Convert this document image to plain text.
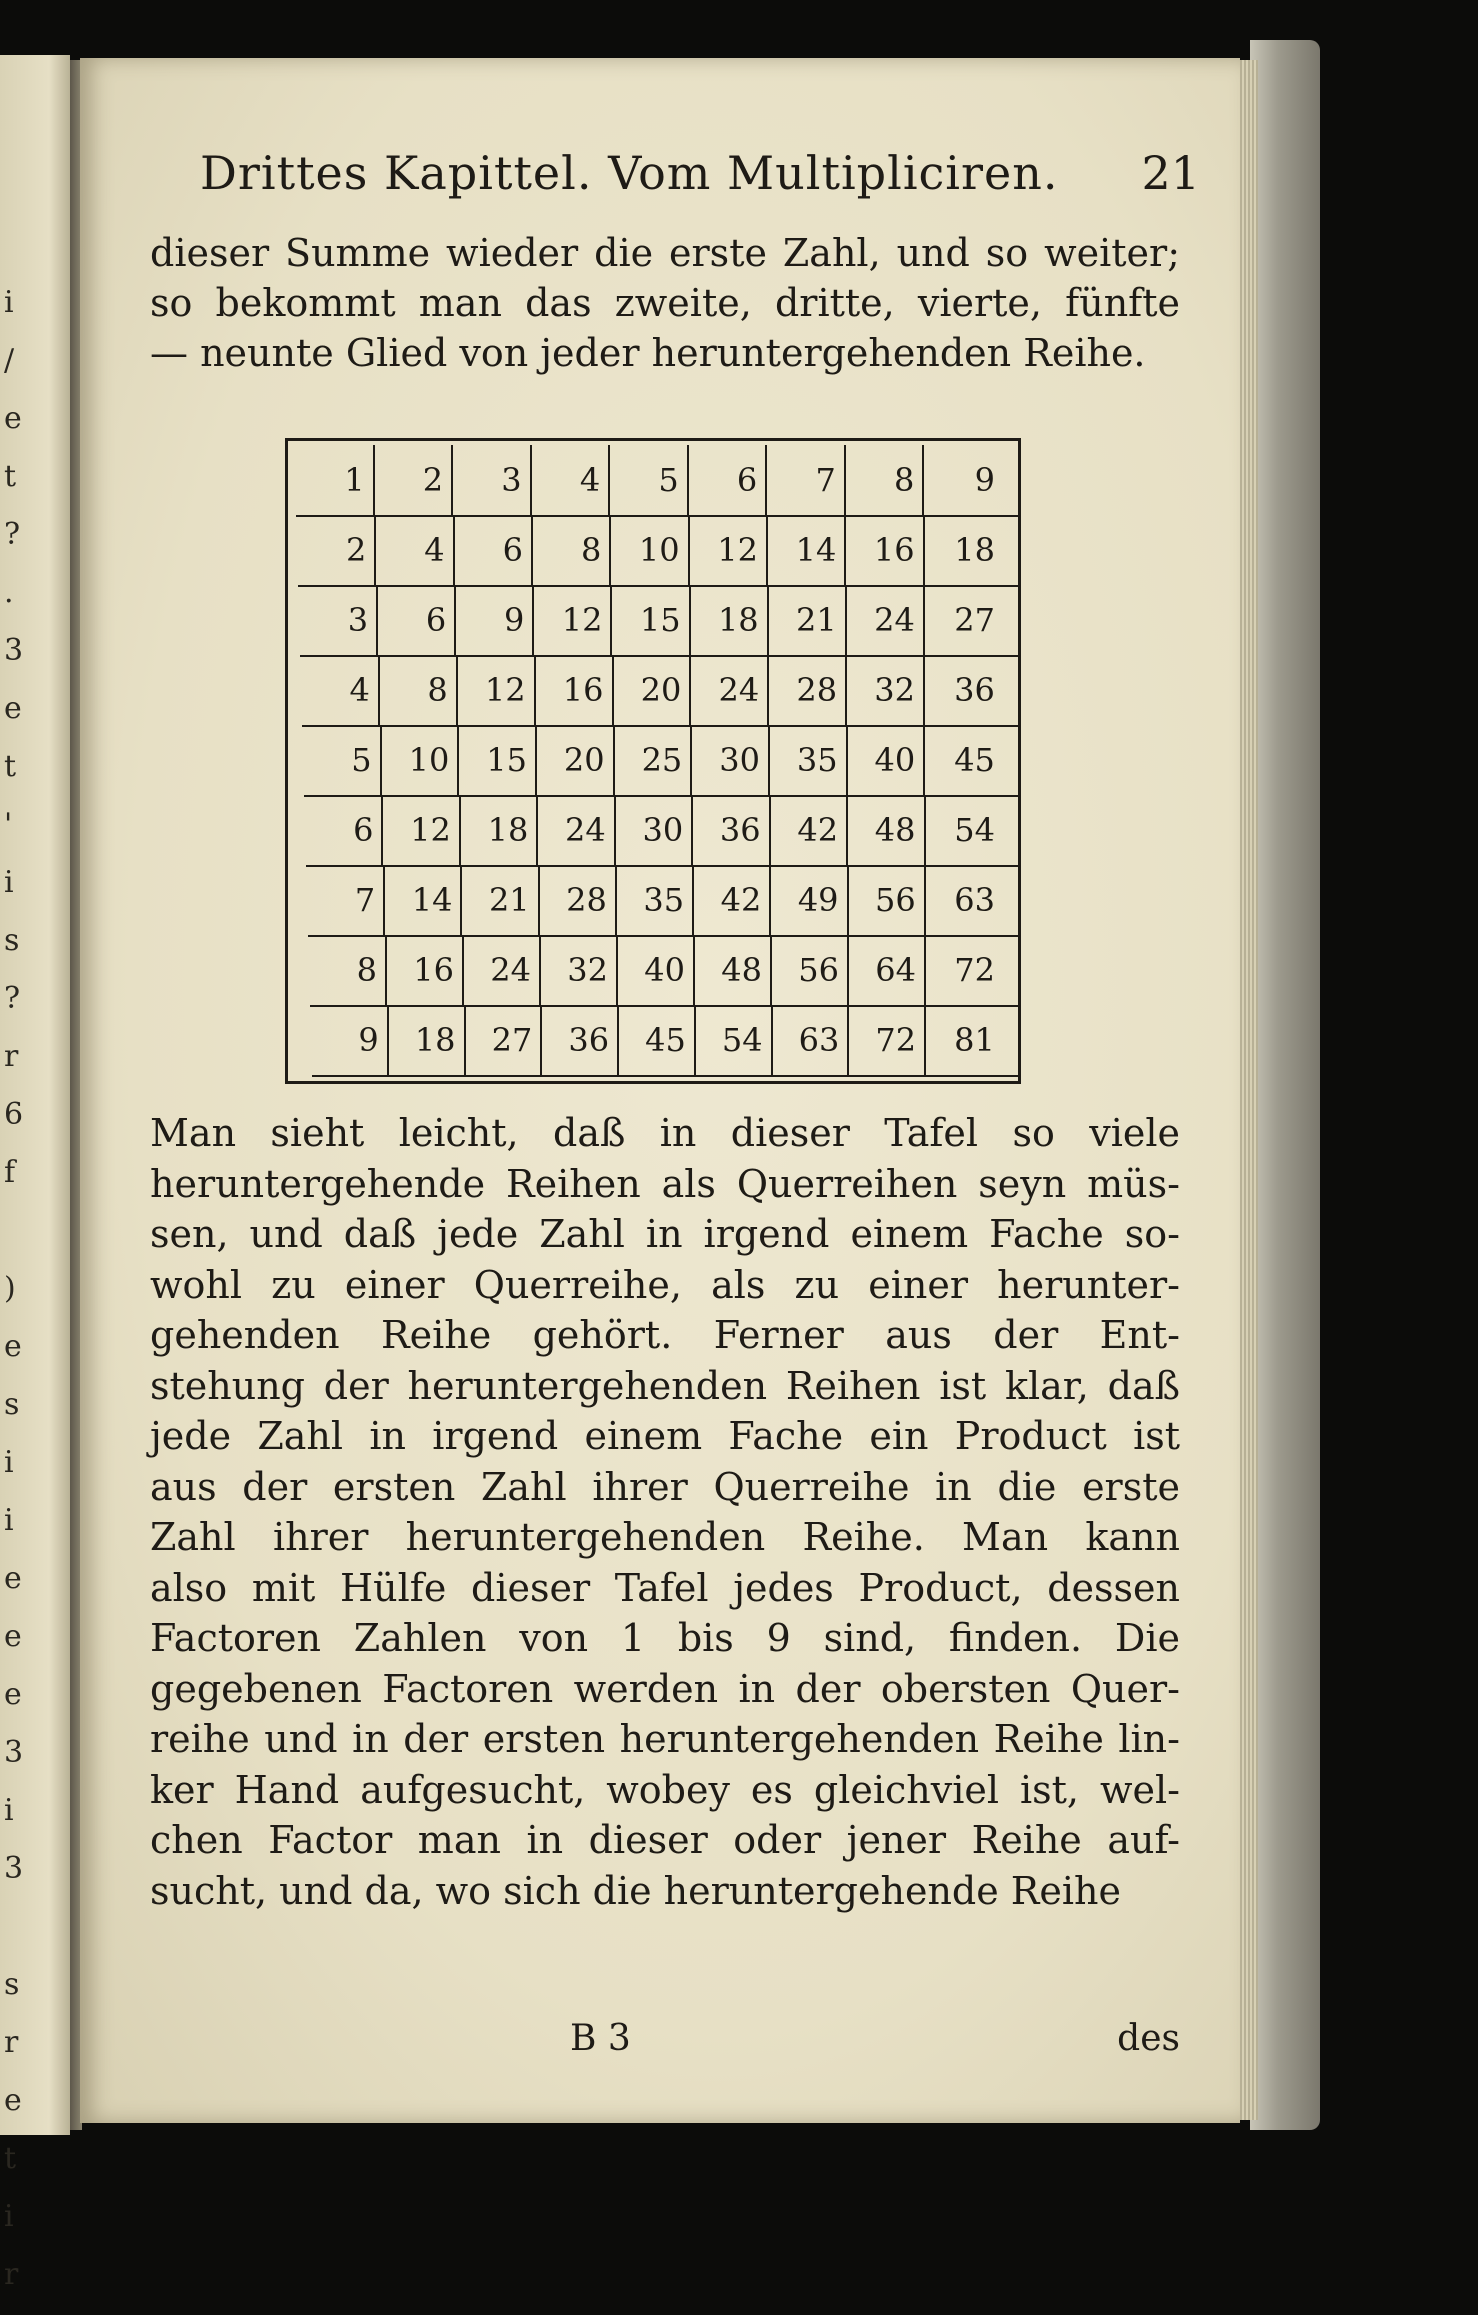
i
/
e
t
?
.
3
e
t
'
i
s
?
r
6
f
)
e
s
i
i
e
e
e
3
i
3
s
r
e
t
i
r
Drittes Kapittel. Vom Multipliciren. 21

dieser Summe wieder die erste Zahl, und so weiter;
so bekommt man das zweite, dritte, vierte, fünfte
— neunte Glied von jeder heruntergehenden Reihe.

1	2	3	4	5	6	7	8	9
2	4	6	8	10	12	14	16	18
3	6	9	12	15	18	21	24	27
4	8	12	16	20	24	28	32	36
5	10	15	20	25	30	35	40	45
6	12	18	24	30	36	42	48	54
7	14	21	28	35	42	49	56	63
8	16	24	32	40	48	56	64	72
9	18	27	36	45	54	63	72	81

Man sieht leicht, daß in dieser Tafel so viele
heruntergehende Reihen als Querreihen seyn müs-
sen, und daß jede Zahl in irgend einem Fache so-
wohl zu einer Querreihe, als zu einer herunter-
gehenden Reihe gehört. Ferner aus der Ent-
stehung der heruntergehenden Reihen ist klar, daß
jede Zahl in irgend einem Fache ein Product ist
aus der ersten Zahl ihrer Querreihe in die erste
Zahl ihrer heruntergehenden Reihe. Man kann
also mit Hülfe dieser Tafel jedes Product, dessen
Factoren Zahlen von 1 bis 9 sind, finden. Die
gegebenen Factoren werden in der obersten Quer-
reihe und in der ersten heruntergehenden Reihe lin-
ker Hand aufgesucht, wobey es gleichviel ist, wel-
chen Factor man in dieser oder jener Reihe auf-
sucht, und da, wo sich die heruntergehende Reihe

B 3	des
